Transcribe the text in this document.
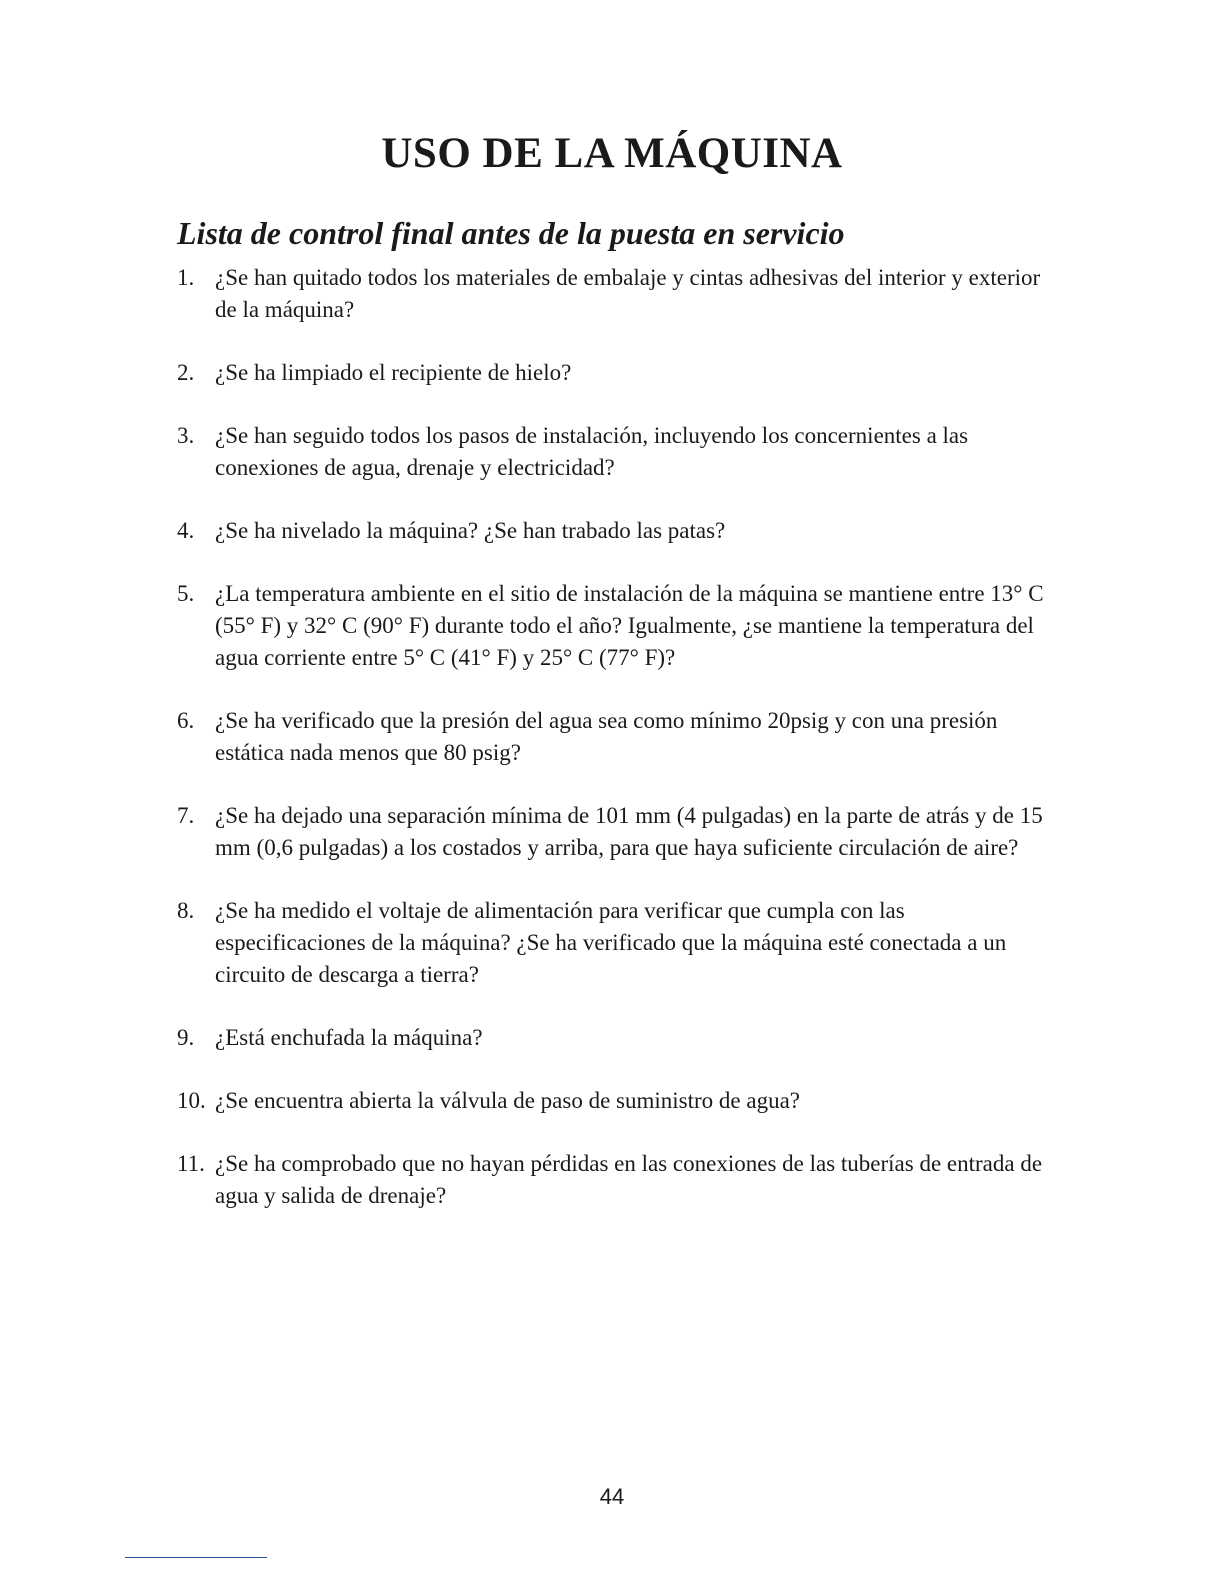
USO DE LA MÁQUINA
Lista de control final antes de la puesta en servicio
1. ¿Se han quitado todos los materiales de embalaje y cintas adhesivas del interior y exterior de la máquina?
2. ¿Se ha limpiado el recipiente de hielo?
3. ¿Se han seguido todos los pasos de instalación, incluyendo los concernientes a las conexiones de agua, drenaje y electricidad?
4. ¿Se ha nivelado la máquina? ¿Se han trabado las patas?
5. ¿La temperatura ambiente en el sitio de instalación de la máquina se mantiene entre 13° C (55° F) y 32° C (90° F) durante todo el año? Igualmente, ¿se mantiene la temperatura del agua corriente entre 5° C (41° F) y 25° C (77° F)?
6. ¿Se ha verificado que la presión del agua sea como mínimo 20psig y con una presión estática nada menos que 80 psig?
7. ¿Se ha dejado una separación mínima de 101 mm (4 pulgadas) en la parte de atrás y de 15 mm (0,6 pulgadas) a los costados y arriba, para que haya suficiente circulación de aire?
8. ¿Se ha medido el voltaje de alimentación para verificar que cumpla con las especificaciones de la máquina? ¿Se ha verificado que la máquina esté conectada a un circuito de descarga a tierra?
9. ¿Está enchufada la máquina?
10. ¿Se encuentra abierta la válvula de paso de suministro de agua?
11. ¿Se ha comprobado que no hayan pérdidas en las conexiones de las tuberías de entrada de agua y salida de drenaje?
44
